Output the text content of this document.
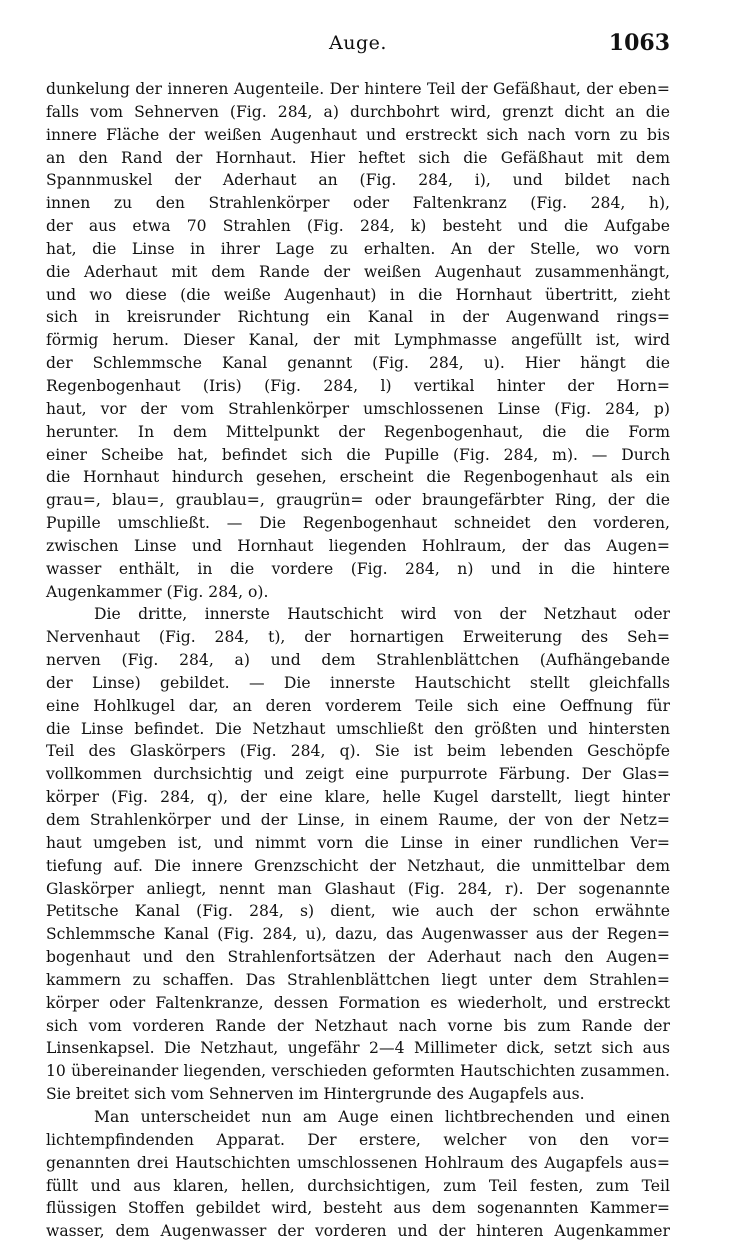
Auge.	1063
dunkelung der inneren Augenteile. Der hintere Teil der Gefäßhaut, der eben=
falls vom Sehnerven (Fig. 284, a) durchbohrt wird, grenzt dicht an die
innere Fläche der weißen Augenhaut und erstreckt sich nach vorn zu bis
an den Rand der Hornhaut. Hier heftet sich die Gefäßhaut mit dem
Spannmuskel der Aderhaut an (Fig. 284, i), und bildet nach
innen zu den Strahlenkörper oder Faltenkranz (Fig. 284, h),
der aus etwa 70 Strahlen (Fig. 284, k) besteht und die Aufgabe
hat, die Linse in ihrer Lage zu erhalten. An der Stelle, wo vorn
die Aderhaut mit dem Rande der weißen Augenhaut zusammenhängt,
und wo diese (die weiße Augenhaut) in die Hornhaut übertritt, zieht
sich in kreisrunder Richtung ein Kanal in der Augenwand rings=
förmig herum. Dieser Kanal, der mit Lymphmasse angefüllt ist, wird
der Schlemmsche Kanal genannt (Fig. 284, u). Hier hängt die
Regenbogenhaut (Iris) (Fig. 284, l) vertikal hinter der Horn=
haut, vor der vom Strahlenkörper umschlossenen Linse (Fig. 284, p)
herunter. In dem Mittelpunkt der Regenbogenhaut, die die Form
einer Scheibe hat, befindet sich die Pupille (Fig. 284, m). — Durch
die Hornhaut hindurch gesehen, erscheint die Regenbogenhaut als ein
grau=, blau=, graublau=, graugrün= oder braungefärbter Ring, der die
Pupille umschließt. — Die Regenbogenhaut schneidet den vorderen,
zwischen Linse und Hornhaut liegenden Hohlraum, der das Augen=
wasser enthält, in die vordere (Fig. 284, n) und in die hintere
Augenkammer (Fig. 284, o).
Die dritte, innerste Hautschicht wird von der Netzhaut oder
Nervenhaut (Fig. 284, t), der hornartigen Erweiterung des Seh=
nerven (Fig. 284, a) und dem Strahlenblättchen (Aufhängebande
der Linse) gebildet. — Die innerste Hautschicht stellt gleichfalls
eine Hohlkugel dar, an deren vorderem Teile sich eine Oeffnung für
die Linse befindet. Die Netzhaut umschließt den größten und hintersten
Teil des Glaskörpers (Fig. 284, q). Sie ist beim lebenden Geschöpfe
vollkommen durchsichtig und zeigt eine purpurrote Färbung. Der Glas=
körper (Fig. 284, q), der eine klare, helle Kugel darstellt, liegt hinter
dem Strahlenkörper und der Linse, in einem Raume, der von der Netz=
haut umgeben ist, und nimmt vorn die Linse in einer rundlichen Ver=
tiefung auf. Die innere Grenzschicht der Netzhaut, die unmittelbar dem
Glaskörper anliegt, nennt man Glashaut (Fig. 284, r). Der sogenannte
Petitsche Kanal (Fig. 284, s) dient, wie auch der schon erwähnte
Schlemmsche Kanal (Fig. 284, u), dazu, das Augenwasser aus der Regen=
bogenhaut und den Strahlenfortsätzen der Aderhaut nach den Augen=
kammern zu schaffen. Das Strahlenblättchen liegt unter dem Strahlen=
körper oder Faltenkranze, dessen Formation es wiederholt, und erstreckt
sich vom vorderen Rande der Netzhaut nach vorne bis zum Rande der
Linsenkapsel. Die Netzhaut, ungefähr 2—4 Millimeter dick, setzt sich aus
10 übereinander liegenden, verschieden geformten Hautschichten zusammen.
Sie breitet sich vom Sehnerven im Hintergrunde des Augapfels aus.
Man unterscheidet nun am Auge einen lichtbrechenden und einen
lichtempfindenden Apparat. Der erstere, welcher von den vor=
genannten drei Hautschichten umschlossenen Hohlraum des Augapfels aus=
füllt und aus klaren, hellen, durchsichtigen, zum Teil festen, zum Teil
flüssigen Stoffen gebildet wird, besteht aus dem sogenannten Kammer=
wasser, dem Augenwasser der vorderen und der hinteren Augenkammer
